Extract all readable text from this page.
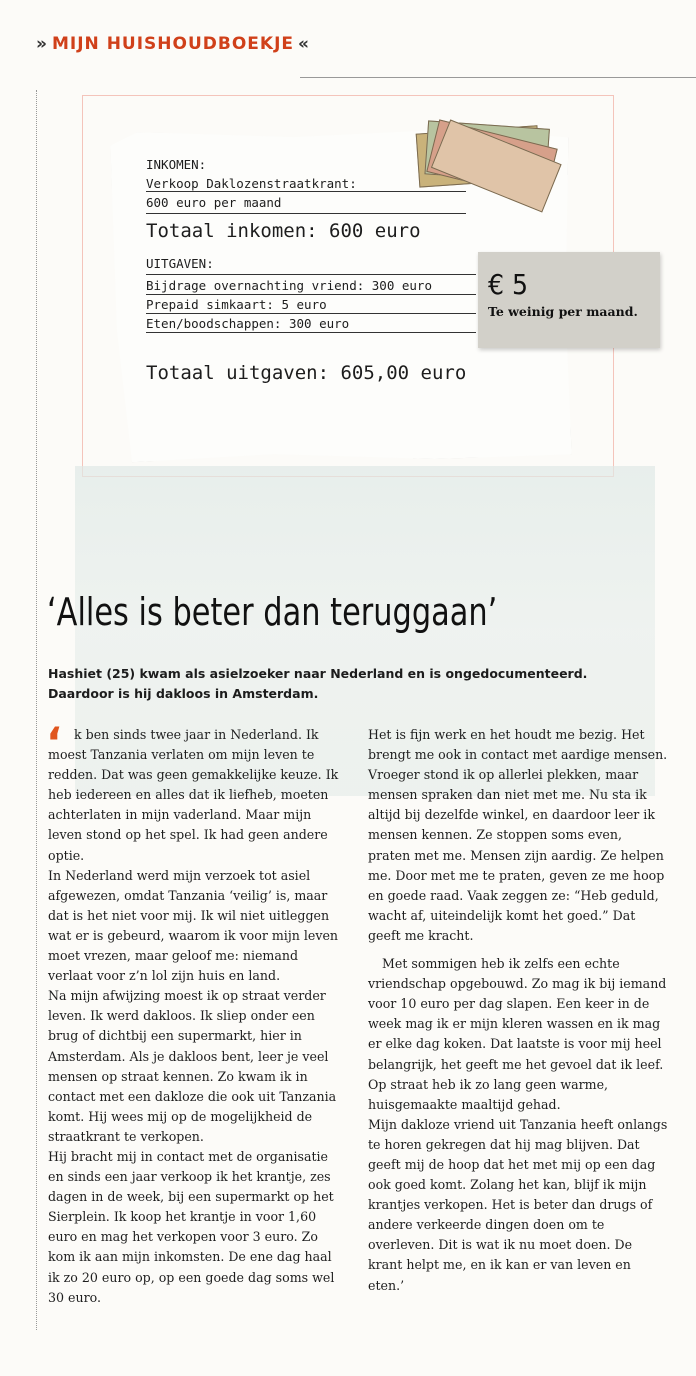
» MIJN HUISHOUDBOEKJE «
INKOMEN:
Verkoop Daklozenstraatkrant:
600 euro per maand
Totaal inkomen: 600 euro
UITGAVEN:
Bijdrage overnachting vriend: 300 euro
Prepaid simkaart: 5 euro
Eten/boodschappen: 300 euro
Totaal uitgaven: 605,00 euro
€ 5
Te weinig per maand.
‘Alles is beter dan teruggaan’
Hashiet (25) kwam als asielzoeker naar Nederland en is ongedocumenteerd.
Daardoor is hij dakloos in Amsterdam.
‘ k ben sinds twee jaar in Nederland. Ik moest Tanzania verlaten om mijn leven te redden. Dat was geen gemakkelijke keuze. Ik heb iedereen en alles dat ik liefheb, moeten achterlaten in mijn vaderland. Maar mijn leven stond op het spel. Ik had geen andere optie.

In Nederland werd mijn verzoek tot asiel afgewezen, omdat Tanzania ‘veilig’ is, maar dat is het niet voor mij. Ik wil niet uitleggen wat er is gebeurd, waarom ik voor mijn leven moet vrezen, maar geloof me: niemand verlaat voor z’n lol zijn huis en land.

Na mijn afwijzing moest ik op straat verder leven. Ik werd dakloos. Ik sliep onder een brug of dichtbij een supermarkt, hier in Amsterdam. Als je dakloos bent, leer je veel mensen op straat kennen. Zo kwam ik in contact met een dakloze die ook uit Tanzania komt. Hij wees mij op de mogelijkheid de straatkrant te verkopen.

Hij bracht mij in contact met de organisatie en sinds een jaar verkoop ik het krantje, zes dagen in de week, bij een supermarkt op het Sierplein. Ik koop het krantje in voor 1,60 euro en mag het verkopen voor 3 euro. Zo kom ik aan mijn inkomsten. De ene dag haal ik zo 20 euro op, op een goede dag soms wel 30 euro.

Het is fijn werk en het houdt me bezig. Het brengt me ook in contact met aardige mensen. Vroeger stond ik op allerlei plekken, maar mensen spraken dan niet met me. Nu sta ik altijd bij dezelfde winkel, en daardoor leer ik mensen kennen. Ze stoppen soms even, praten met me. Mensen zijn aardig. Ze helpen me. Door met me te praten, geven ze me hoop en goede raad. Vaak zeggen ze: “Heb geduld, wacht af, uiteindelijk komt het goed.” Dat geeft me kracht.

Met sommigen heb ik zelfs een echte vriendschap opgebouwd. Zo mag ik bij iemand voor 10 euro per dag slapen. Een keer in de week mag ik er mijn kleren wassen en ik mag er elke dag koken. Dat laatste is voor mij heel belangrijk, het geeft me het gevoel dat ik leef. Op straat heb ik zo lang geen warme, huisgemaakte maaltijd gehad.

Mijn dakloze vriend uit Tanzania heeft onlangs te horen gekregen dat hij mag blijven. Dat geeft mij de hoop dat het met mij op een dag ook goed komt. Zolang het kan, blijf ik mijn krantjes verkopen. Het is beter dan drugs of andere verkeerde dingen doen om te overleven. Dit is wat ik nu moet doen. De krant helpt me, en ik kan er van leven en eten.’
